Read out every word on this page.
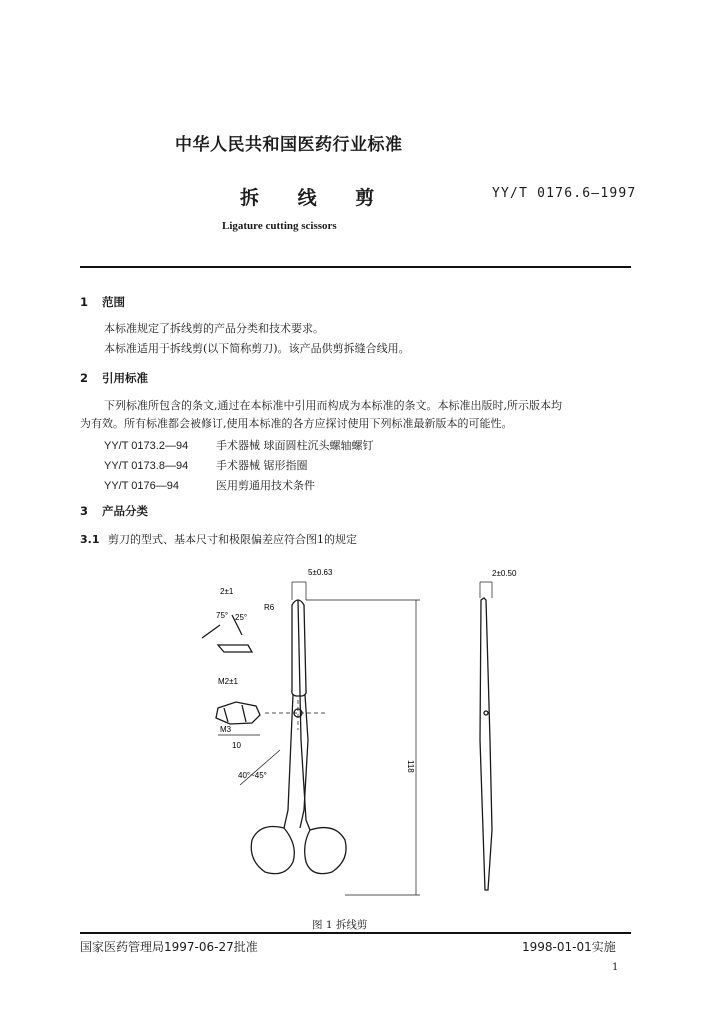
中华人民共和国医药行业标准
拆 线 剪	YY/T 0176.6—1997
Ligature cutting scissors
1 范围
本标准规定了拆线剪的产品分类和技术要求。
本标准适用于拆线剪(以下简称剪刀)。该产品供剪拆缝合线用。
2 引用标准
下列标准所包含的条文,通过在本标准中引用而构成为本标准的条文。本标准出版时,所示版本均
为有效。所有标准都会被修订,使用本标准的各方应探讨使用下列标准最新版本的可能性。
YY/T 0173.2—94	手术器械 球面圆柱沉头螺轴螺钉
YY/T 0173.8—94	手术器械 锯形指圈
YY/T 0176—94	医用剪通用技术条件
3 产品分类
3.1 剪刀的型式、基本尺寸和极限偏差应符合图1的规定
5±0.63	2±0.50
R6
2±1
75° 25°
M2±1
M3
10
40°~45°
118
图 1 拆线剪
国家医药管理局1997-06-27批准	1998-01-01实施
1
